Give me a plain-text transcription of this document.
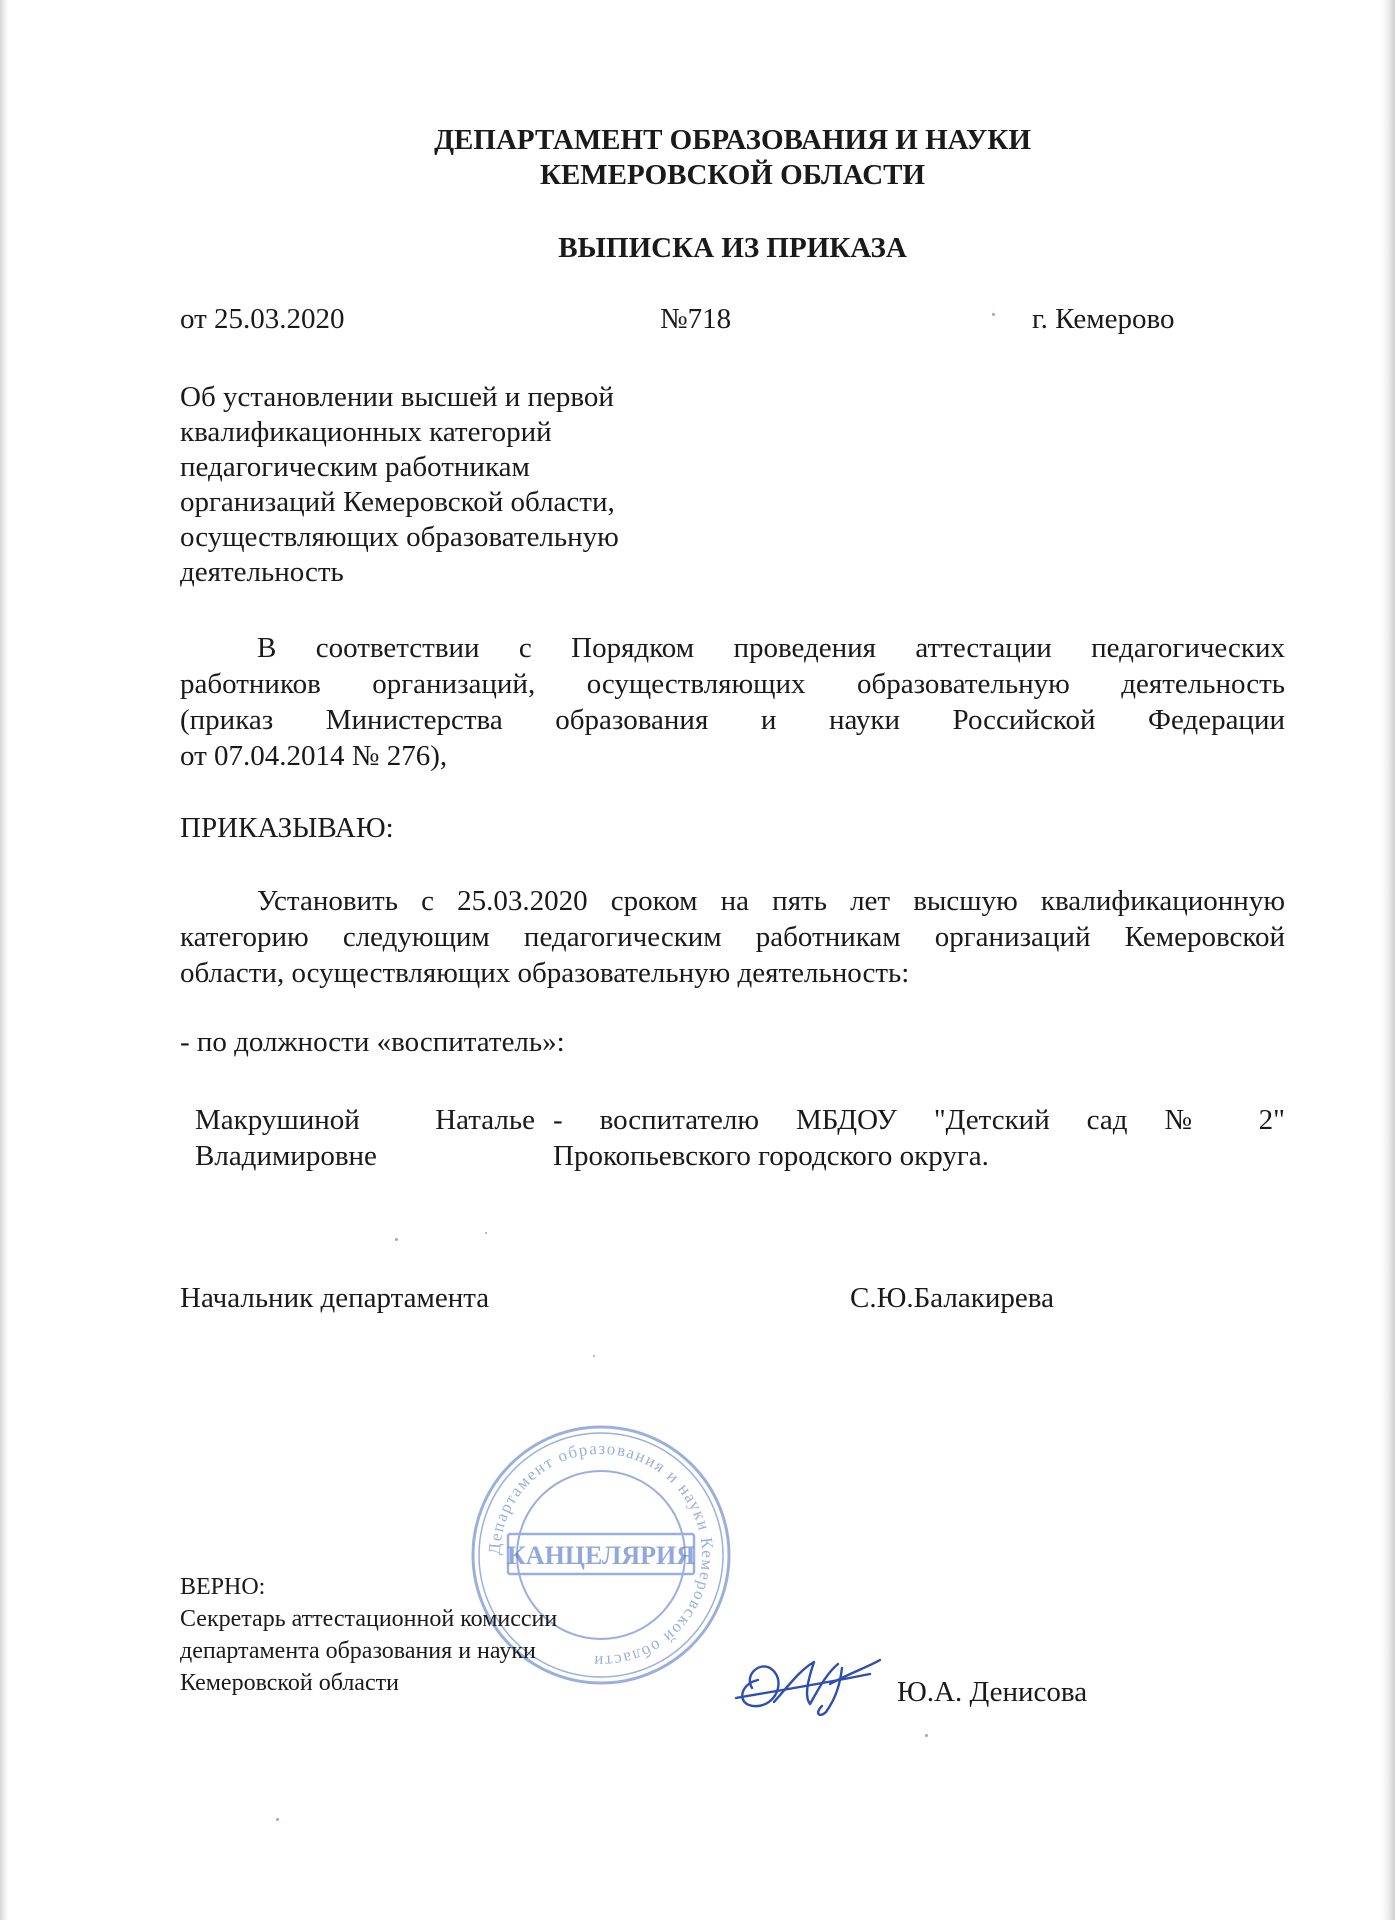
ДЕПАРТАМЕНТ ОБРАЗОВАНИЯ И НАУКИ
КЕМЕРОВСКОЙ ОБЛАСТИ
ВЫПИСКА ИЗ ПРИКАЗА
от 25.03.2020	№718	г. Кемерово
Об установлении высшей и первой
квалификационных категорий
педагогическим работникам
организаций Кемеровской области,
осуществляющих образовательную
деятельность
В соответствии с Порядком проведения аттестации педагогических
работников организаций, осуществляющих образовательную деятельность
(приказ Министерства образования и науки Российской Федерации
от 07.04.2014 № 276),
ПРИКАЗЫВАЮ:
Установить с 25.03.2020 сроком на пять лет высшую квалификационную
категорию следующим педагогическим работникам организаций Кемеровской
области, осуществляющих образовательную деятельность:
- по должности «воспитатель»:
Макрушиной Наталье
Владимировне
- воспитателю МБДОУ "Детский сад № 2"
Прокопьевского городского округа.
Начальник департамента	С.Ю.Балакирева
Департамент образования и науки Кемеровской области
КАНЦЕЛЯРИЯ
ВЕРНО:
Секретарь аттестационной комиссии
департамента образования и науки
Кемеровской области	Ю.А. Денисова
